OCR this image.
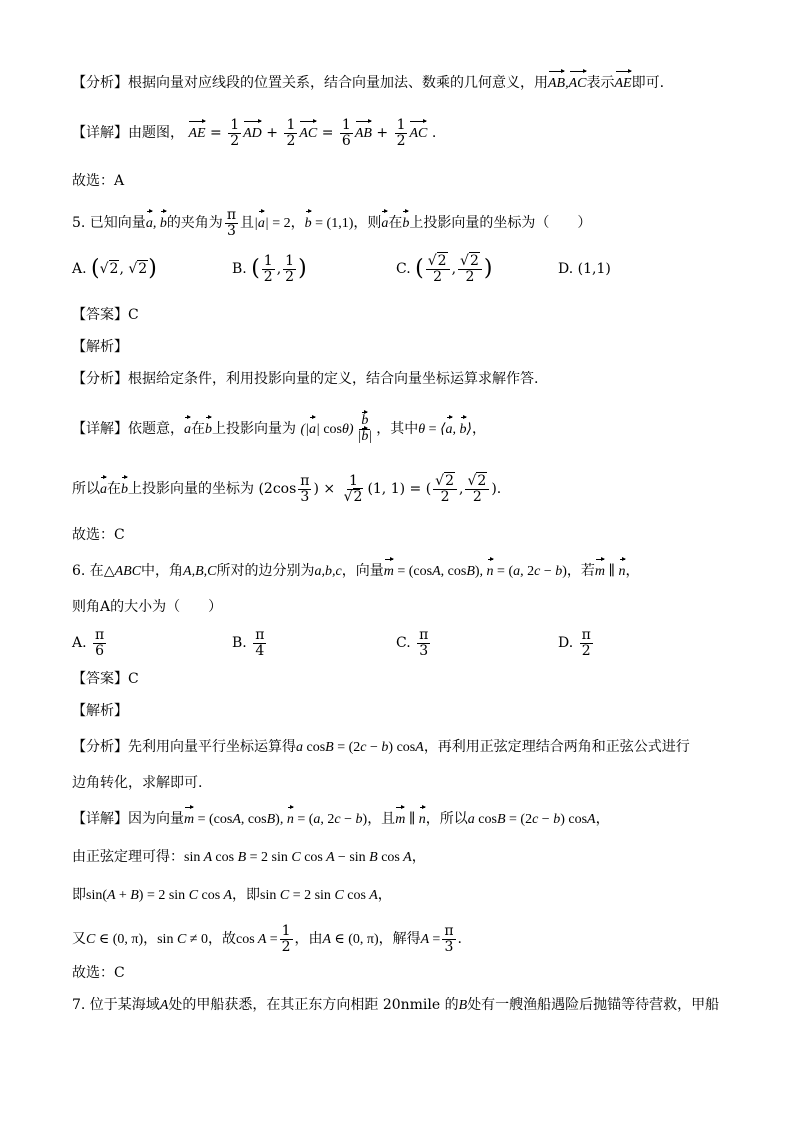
【分析】根据向量对应线段的位置关系，结合向量加法、数乘的几何意义，用AB,AC表示AE即可.
【详解】由题图， AE = $\frac{1}{2}$ AD + $\frac{1}{2}$ AC = $\frac{1}{6}$ AB + $\frac{1}{2}$ AC .
故选：A
5. 已知向量a, b的夹角为 $\frac{\pi}{3}$ 且|a| = 2，b = (1,1)，则a在b上投影向量的坐标为（　　）
A. (√2, √2)	B. ( $\frac{1}{2}$ , $\frac{1}{2}$ )	C. ( $\frac{√2}{2}$ , $\frac{√2}{2}$ )	D. (1,1)
【答案】C
【解析】
【分析】根据给定条件，利用投影向量的定义，结合向量坐标运算求解作答.
【详解】依题意，a在b上投影向量为 (|a| $\cos\theta) \frac{b}{|b|}$ ，其中θ = ⟨a, b⟩，
所以a在b上投影向量的坐标为 ($2\cos \frac{\pi}{3}$ ) × $\frac{1}{√2} (1$, 1) = ( $\frac{√2}{2}$ , $\frac{√2}{2}$ ).
故选：C
6. 在△ABC中，角A,B,C所对的边分别为a,b,c，向量m = (cosA, cosB), n = (a, 2c − b)，若m ∥ n，
则角A的大小为（　　）
A. $\frac{\pi}{6}$	B. $\frac{\pi}{4}$	C. $\frac{\pi}{3}$	D. $\frac{\pi}{2}$
【答案】C
【解析】
【分析】先利用向量平行坐标运算得a cosB = (2c − b) cosA，再利用正弦定理结合两角和正弦公式进行
边角转化，求解即可.
【详解】因为向量m = (cosA, cosB), n = (a, 2c − b)，且m ∥ n，所以a cosB = (2c − b) cosA，
由正弦定理可得：sin A cos B = 2 sin C cos A − sin B cos A，
即sin(A + B) = 2 sin C cos A，即sin C = 2 sin C cos A，
又C ∈ (0, π)，sin C ≠ 0，故$\cos A = \frac{1}{2}$ ，由A ∈ (0, π)，解得$A = \frac{\pi}{3}$ .
故选：C
7. 位于某海域A处的甲船获悉，在其正东方向相距 20nmile 的B处有一艘渔船遇险后抛锚等待营救，甲船
